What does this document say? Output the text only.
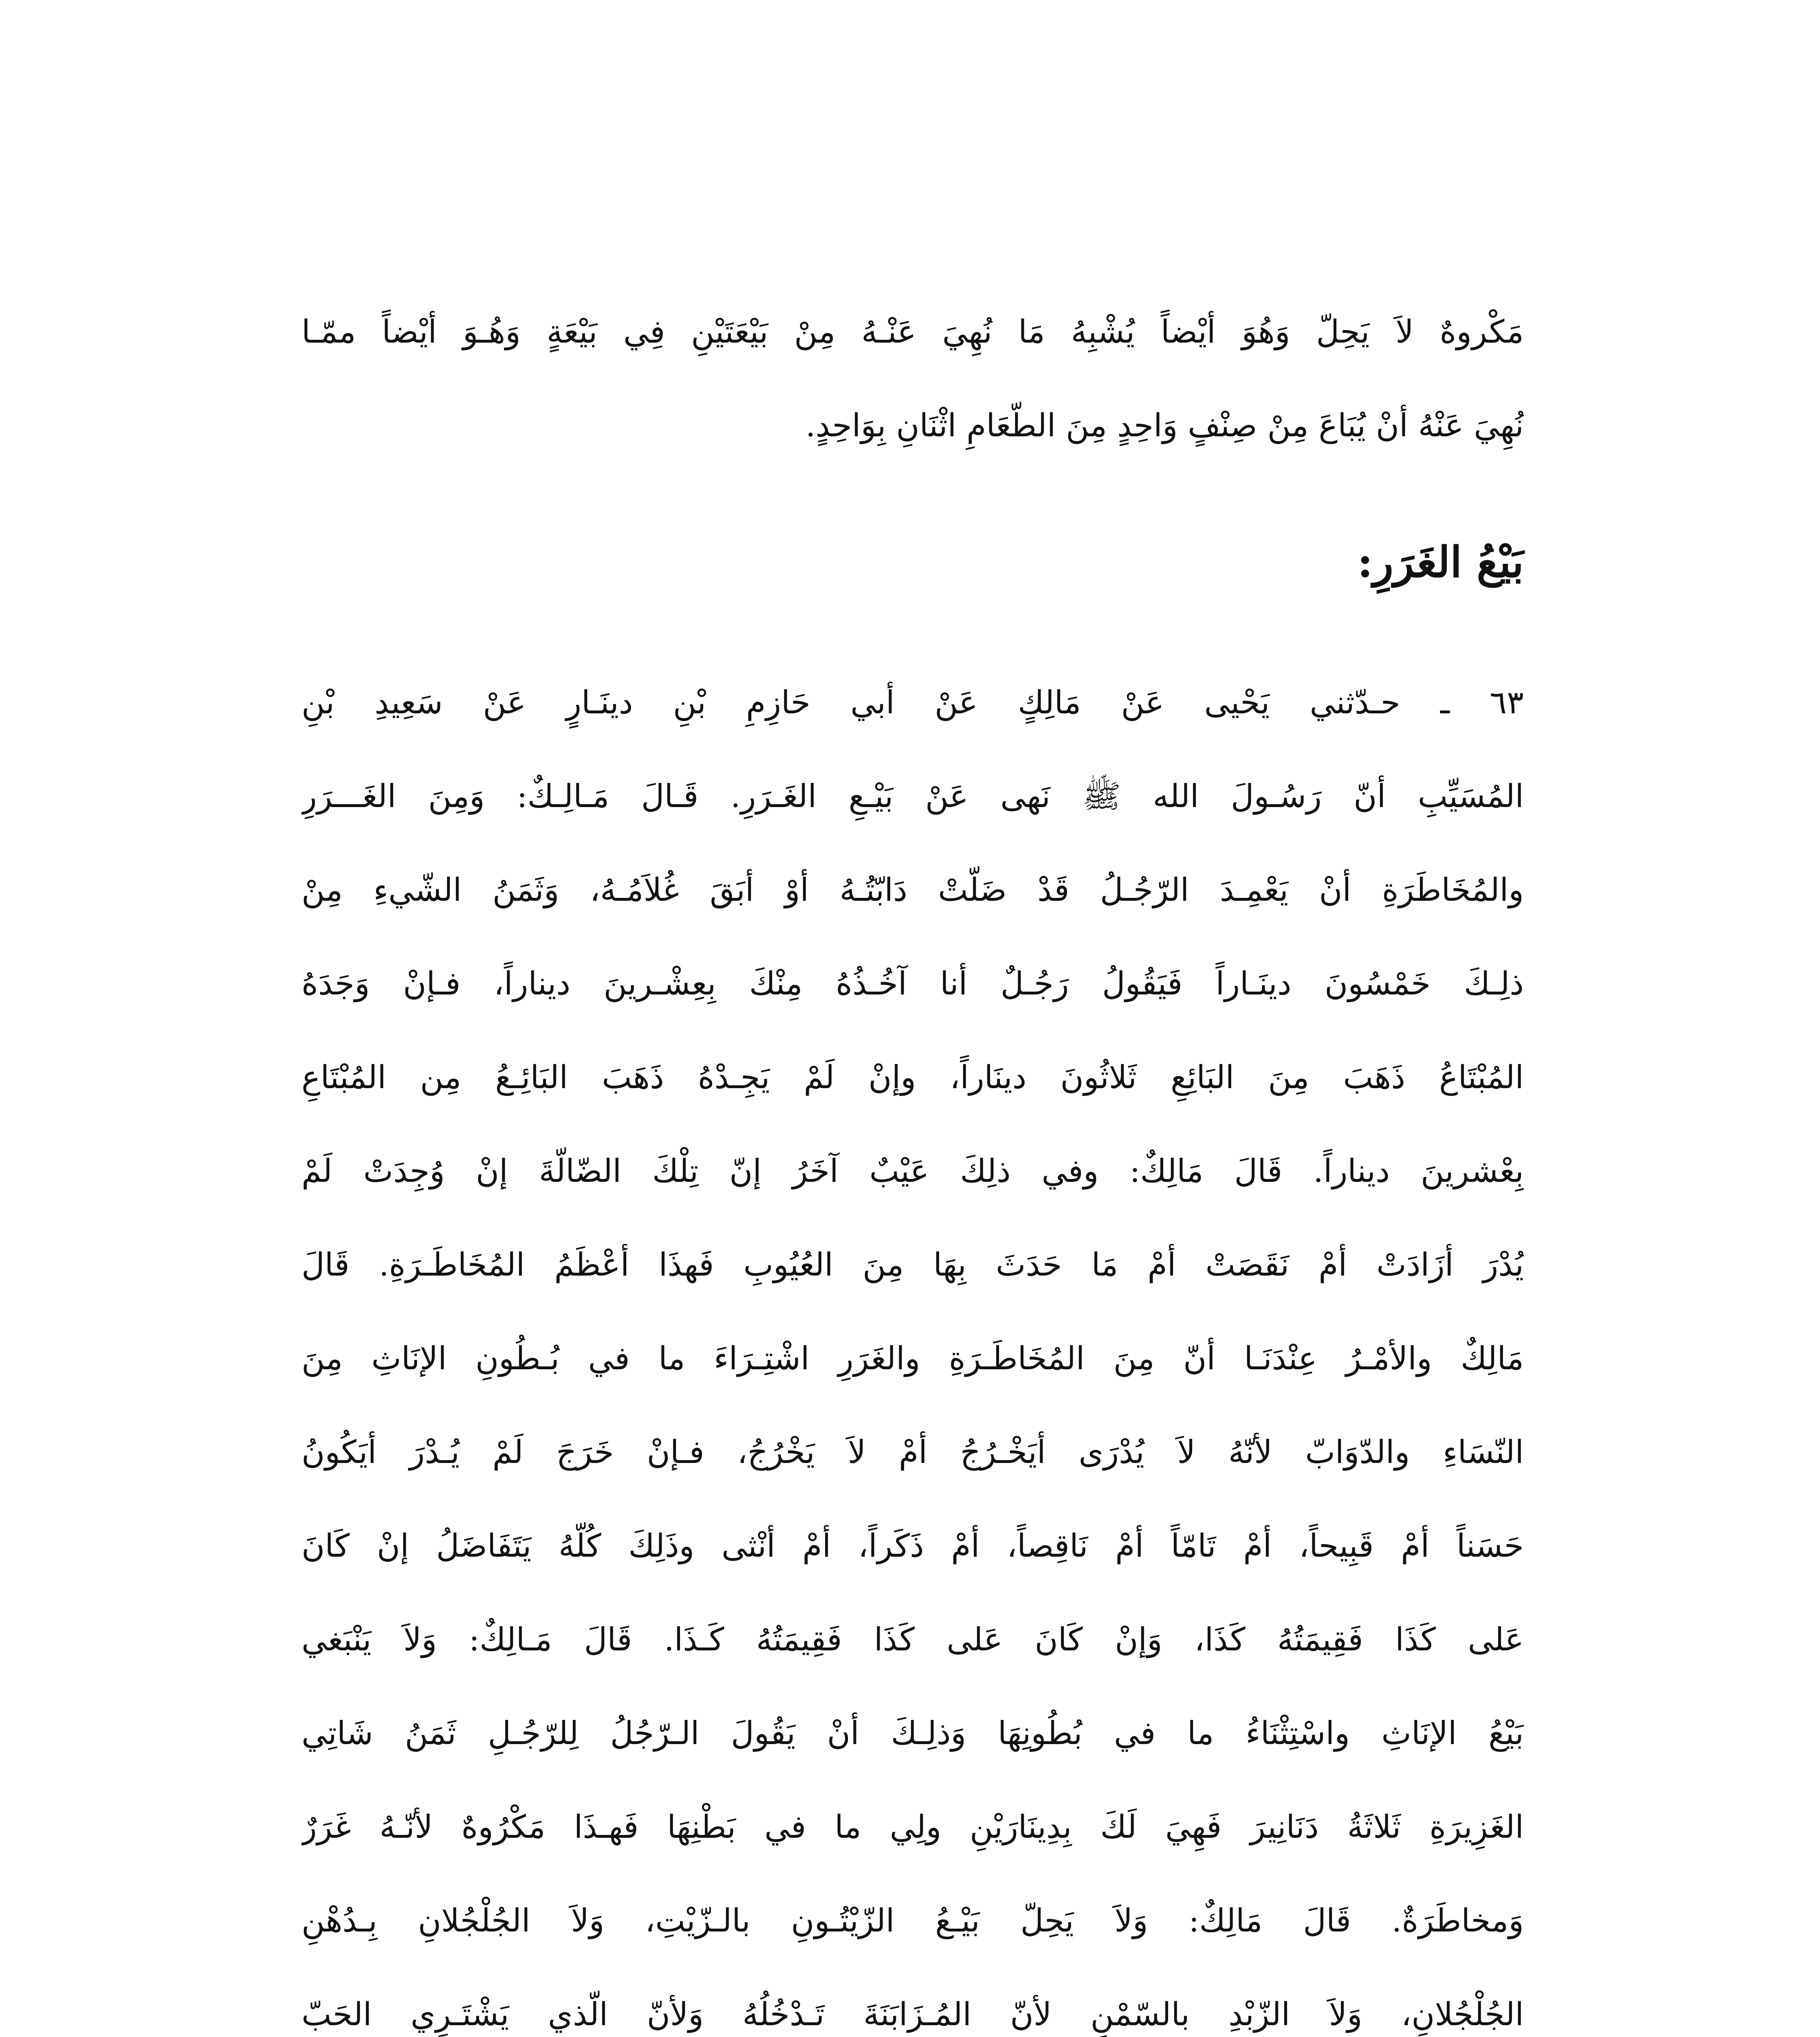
مَكْروهٌ لاَ يَحِلّ وَهُوَ أيْضاً يُشْبِهُ مَا نُهِيَ عَنْـهُ مِنْ بَيْعَتَيْنِ فِي بَيْعَةٍ وَهُـوَ أيْضاً ممّـا
نُهِيَ عَنْهُ أنْ يُبَاعَ مِنْ صِنْفٍ وَاحِدٍ مِنَ الطّعَامِ اثْنَانِ بِوَاحِدٍ.
بَيْعُ الغَرَرِ:
٦٣ ـ حـدّثني يَحْيى عَنْ مَالِكٍ عَنْ أبي حَازِمِ بْنِ دينَـارٍ عَنْ سَعِيدِ بْنِ
المُسَيِّبِ أنّ رَسُـولَ الله ﷺ نَهى عَنْ بَيْـعِ الغَـرَرِ. قَـالَ مَـالِـكٌ: وَمِنَ الغَـــرَرِ
والمُخَاطَرَةِ أنْ يَعْمِـدَ الرّجُـلُ قَدْ ضَلّتْ دَابّتُـهُ أوْ أبَقَ غُلاَمُـهُ، وَثَمَنُ الشّيءِ مِنْ
ذلِـكَ خَمْسُونَ دينَـاراً فَيَقُولُ رَجُـلٌ أنا آخُـذُهُ مِنْكَ بِعِشْـرينَ ديناراً، فـإنْ وَجَدَهُ
المُبْتَاعُ ذَهَبَ مِنَ البَائِعِ ثَلاثُونَ دينَاراً، وإنْ لَمْ يَجِـدْهُ ذَهَبَ البَائِـعُ مِن المُبْتَاعِ
بِعْشرينَ ديناراً. قَالَ مَالِكٌ: وفي ذلِكَ عَيْبٌ آخَرُ إنّ تِلْكَ الضّالّةَ إنْ وُجِدَتْ لَمْ
يُدْرَ أزَادَتْ أمْ نَقَصَتْ أمْ مَا حَدَثَ بِهَا مِنَ العُيُوبِ فَهذَا أعْظَمُ المُخَاطَـرَةِ. قَالَ
مَالِكٌ والأمْـرُ عِنْدَنَـا أنّ مِنَ المُخَاطَـرَةِ والغَرَرِ اشْتِـرَاءَ ما في بُـطُونِ الإنَاثِ مِنَ
النّسَاءِ والدّوَابّ لأنّهُ لاَ يُدْرَى أيَخْـرُجُ أمْ لاَ يَخْرُجُ، فـإنْ خَرَجَ لَمْ يُـدْرَ أيَكُونُ
حَسَناً أمْ قَبِيحاً، أمْ تَامّاً أمْ نَاقِصاً، أمْ ذَكَراً، أمْ أنْثى وذَلِكَ كُلّهُ يَتَفَاضَلُ إنْ كَانَ
عَلى كَذَا فَقِيمَتُهُ كَذَا، وَإنْ كَانَ عَلى كَذَا فَقِيمَتُهُ كَـذَا. قَالَ مَـالِكٌ: وَلاَ يَنْبَغي
بَيْعُ الإنَاثِ واسْتِثْنَاءُ ما في بُطُونِهَا وَذلِـكَ أنْ يَقُولَ الـرّجُلُ لِلرّجُـلِ ثَمَنُ شَاتِي
الغَزِيرَةِ ثَلاثَةُ دَنَانِيرَ فَهِيَ لَكَ بِدِينَارَيْنِ ولِي ما في بَطْنِهَا فَهـذَا مَكْرُوهٌ لأنّـهُ غَرَرٌ
وَمخاطَرَةٌ. قَالَ مَالِكٌ: وَلاَ يَحِلّ بَيْـعُ الزّيْتُـونِ بالـزّيْتِ، وَلاَ الجُلْجُلانِ بِـدُهْنِ
الجُلْجُلانِ، وَلاَ الزّبْدِ بالسّمْنِ لأنّ المُـزَابَنَةَ تَـدْخُلُهُ وَلأنّ الّذي يَشْتَـرِي الحَبّ
